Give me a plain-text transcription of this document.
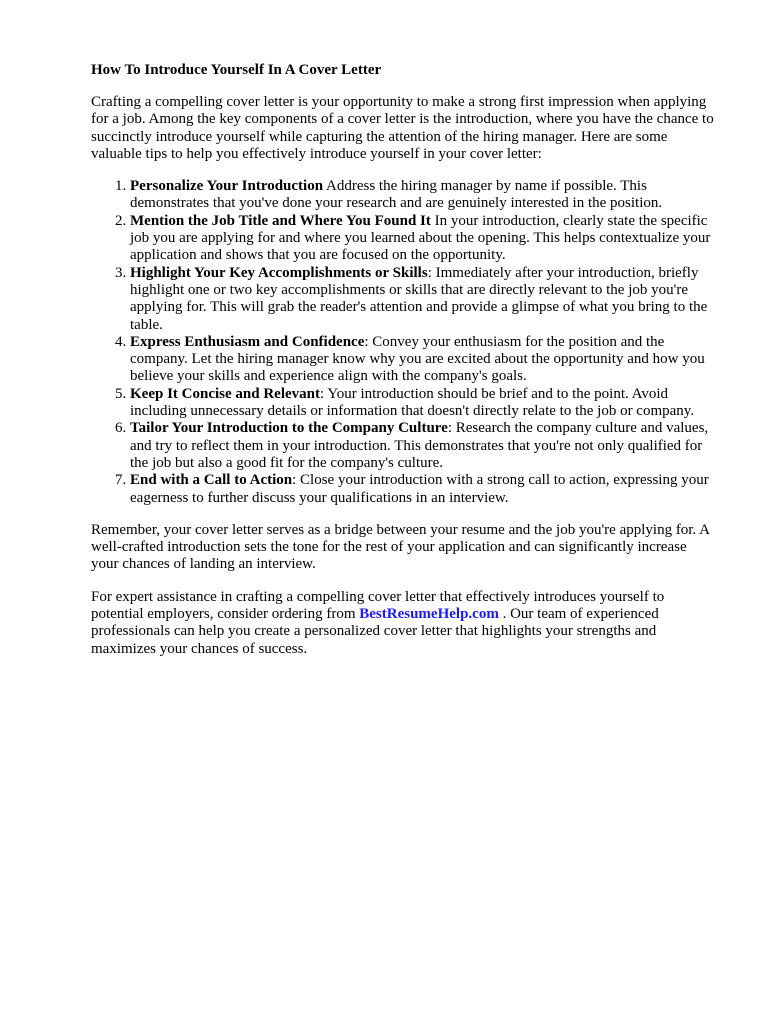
How To Introduce Yourself In A Cover Letter

Crafting a compelling cover letter is your opportunity to make a strong first impression when applying for a job. Among the key components of a cover letter is the introduction, where you have the chance to succinctly introduce yourself while capturing the attention of the hiring manager. Here are some valuable tips to help you effectively introduce yourself in your cover letter:

1. Personalize Your Introduction Address the hiring manager by name if possible. This demonstrates that you've done your research and are genuinely interested in the position.
2. Mention the Job Title and Where You Found It In your introduction, clearly state the specific job you are applying for and where you learned about the opening. This helps contextualize your application and shows that you are focused on the opportunity.
3. Highlight Your Key Accomplishments or Skills: Immediately after your introduction, briefly highlight one or two key accomplishments or skills that are directly relevant to the job you're applying for. This will grab the reader's attention and provide a glimpse of what you bring to the table.
4. Express Enthusiasm and Confidence: Convey your enthusiasm for the position and the company. Let the hiring manager know why you are excited about the opportunity and how you believe your skills and experience align with the company's goals.
5. Keep It Concise and Relevant: Your introduction should be brief and to the point. Avoid including unnecessary details or information that doesn't directly relate to the job or company.
6. Tailor Your Introduction to the Company Culture: Research the company culture and values, and try to reflect them in your introduction. This demonstrates that you're not only qualified for the job but also a good fit for the company's culture.
7. End with a Call to Action: Close your introduction with a strong call to action, expressing your eagerness to further discuss your qualifications in an interview.

Remember, your cover letter serves as a bridge between your resume and the job you're applying for. A well-crafted introduction sets the tone for the rest of your application and can significantly increase your chances of landing an interview.

For expert assistance in crafting a compelling cover letter that effectively introduces yourself to potential employers, consider ordering from BestResumeHelp.com . Our team of experienced professionals can help you create a personalized cover letter that highlights your strengths and maximizes your chances of success.
